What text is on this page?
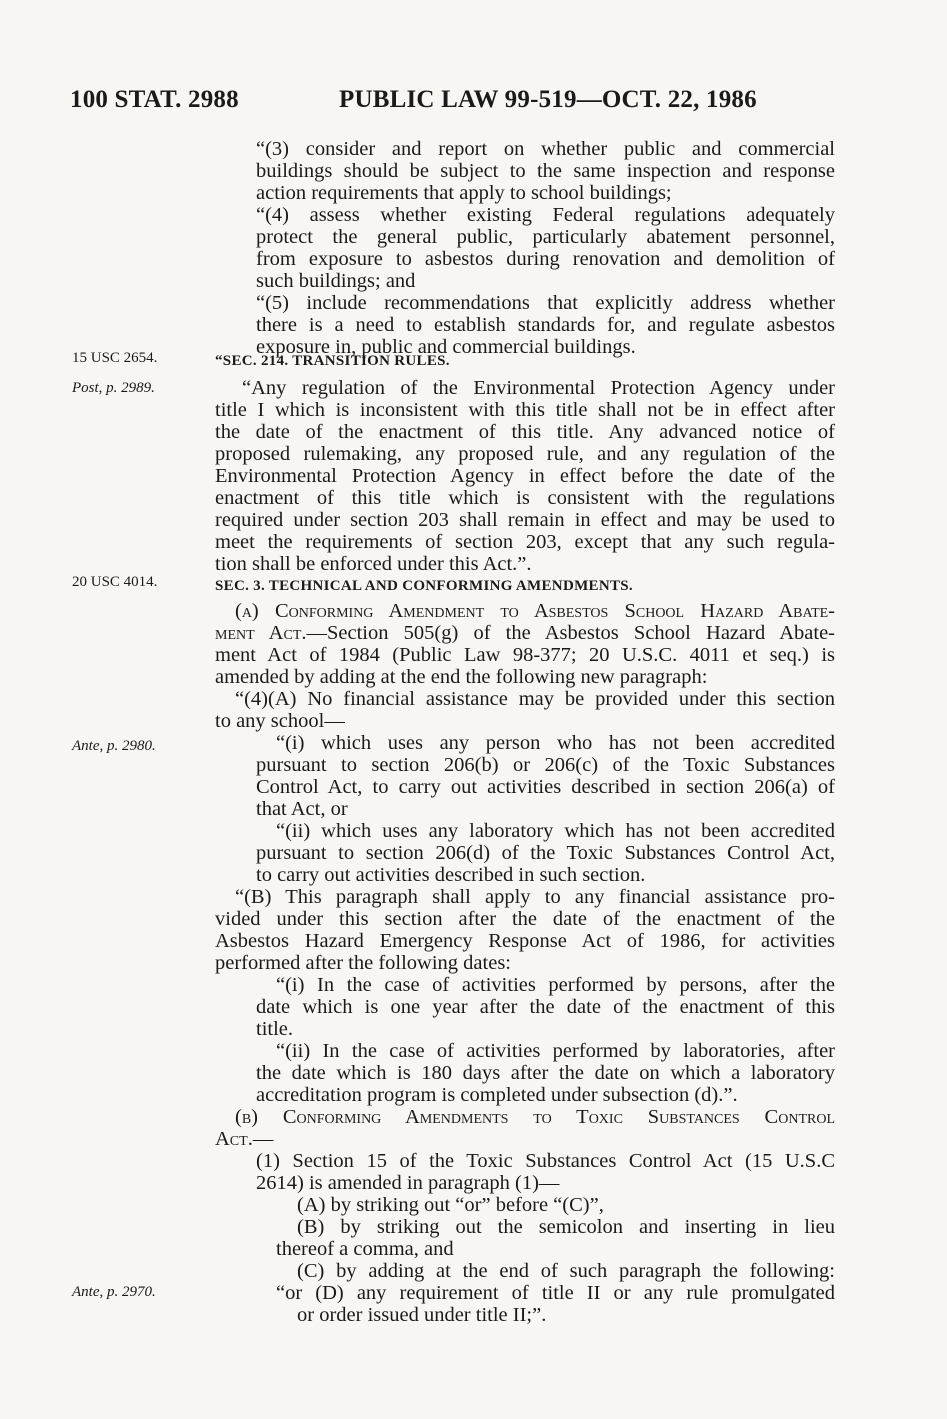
100 STAT. 2988	PUBLIC LAW 99-519—OCT. 22, 1986
“(3) consider and report on whether public and commercial
buildings should be subject to the same inspection and response
action requirements that apply to school buildings;
“(4) assess whether existing Federal regulations adequately
protect the general public, particularly abatement personnel,
from exposure to asbestos during renovation and demolition of
such buildings; and
“(5) include recommendations that explicitly address whether
there is a need to establish standards for, and regulate asbestos
exposure in, public and commercial buildings.
15 USC 2654.	“SEC. 214. TRANSITION RULES.
Post, p. 2989.	“Any regulation of the Environmental Protection Agency under
title I which is inconsistent with this title shall not be in effect after
the date of the enactment of this title. Any advanced notice of
proposed rulemaking, any proposed rule, and any regulation of the
Environmental Protection Agency in effect before the date of the
enactment of this title which is consistent with the regulations
required under section 203 shall remain in effect and may be used to
meet the requirements of section 203, except that any such regula-
tion shall be enforced under this Act.”.
20 USC 4014.	SEC. 3. TECHNICAL AND CONFORMING AMENDMENTS.
(a) Conforming Amendment to Asbestos School Hazard Abate-
ment Act.—Section 505(g) of the Asbestos School Hazard Abate-
ment Act of 1984 (Public Law 98-377; 20 U.S.C. 4011 et seq.) is
amended by adding at the end the following new paragraph:
“(4)(A) No financial assistance may be provided under this section
to any school—
“(i) which uses any person who has not been accredited
Ante, p. 2980.
pursuant to section 206(b) or 206(c) of the Toxic Substances
Control Act, to carry out activities described in section 206(a) of
that Act, or
“(ii) which uses any laboratory which has not been accredited
pursuant to section 206(d) of the Toxic Substances Control Act,
to carry out activities described in such section.
“(B) This paragraph shall apply to any financial assistance pro-
vided under this section after the date of the enactment of the
Asbestos Hazard Emergency Response Act of 1986, for activities
performed after the following dates:
“(i) In the case of activities performed by persons, after the
date which is one year after the date of the enactment of this
title.
“(ii) In the case of activities performed by laboratories, after
the date which is 180 days after the date on which a laboratory
accreditation program is completed under subsection (d).”.
(b) Conforming Amendments to Toxic Substances Control
Act.—
(1) Section 15 of the Toxic Substances Control Act (15 U.S.C
2614) is amended in paragraph (1)—
(A) by striking out “or” before “(C)”,
(B) by striking out the semicolon and inserting in lieu
thereof a comma, and
(C) by adding at the end of such paragraph the following:
Ante, p. 2970.	“or (D) any requirement of title II or any rule promulgated
or order issued under title II;”.
